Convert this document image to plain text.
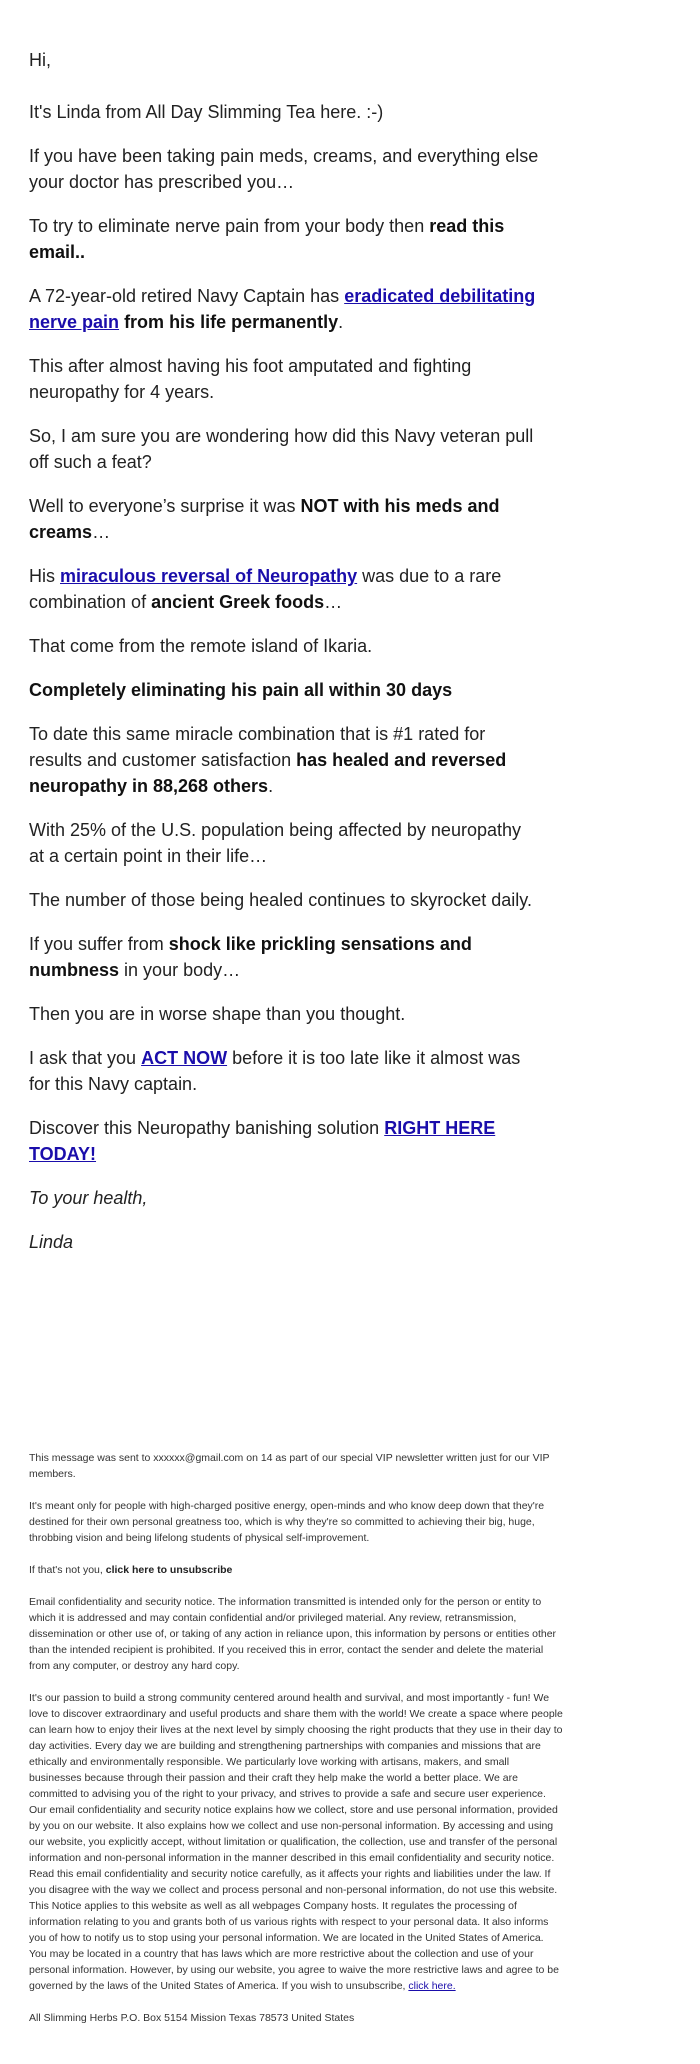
Hi,
It's Linda from All Day Slimming Tea here. :-)
If you have been taking pain meds, creams, and everything else
your doctor has prescribed you…
To try to eliminate nerve pain from your body then read this
email..
A 72-year-old retired Navy Captain has eradicated debilitating
nerve pain from his life permanently.
This after almost having his foot amputated and fighting
neuropathy for 4 years.
So, I am sure you are wondering how did this Navy veteran pull
off such a feat?
Well to everyone’s surprise it was NOT with his meds and
creams…
His miraculous reversal of Neuropathy was due to a rare
combination of ancient Greek foods…
That come from the remote island of Ikaria.
Completely eliminating his pain all within 30 days
To date this same miracle combination that is #1 rated for
results and customer satisfaction has healed and reversed
neuropathy in 88,268 others.
With 25% of the U.S. population being affected by neuropathy
at a certain point in their life…
The number of those being healed continues to skyrocket daily.
If you suffer from shock like prickling sensations and
numbness in your body…
Then you are in worse shape than you thought.
I ask that you ACT NOW before it is too late like it almost was
for this Navy captain.
Discover this Neuropathy banishing solution RIGHT HERE
TODAY!
To your health,
Linda
This message was sent to xxxxxx@gmail.com on 14 as part of our special VIP newsletter written just for our VIP
members.
It's meant only for people with high-charged positive energy, open-minds and who know deep down that they're
destined for their own personal greatness too, which is why they're so committed to achieving their big, huge,
throbbing vision and being lifelong students of physical self-improvement.
If that's not you, click here to unsubscribe
Email confidentiality and security notice. The information transmitted is intended only for the person or entity to
which it is addressed and may contain confidential and/or privileged material. Any review, retransmission,
dissemination or other use of, or taking of any action in reliance upon, this information by persons or entities other
than the intended recipient is prohibited. If you received this in error, contact the sender and delete the material
from any computer, or destroy any hard copy.
It's our passion to build a strong community centered around health and survival, and most importantly - fun! We
love to discover extraordinary and useful products and share them with the world! We create a space where people
can learn how to enjoy their lives at the next level by simply choosing the right products that they use in their day to
day activities. Every day we are building and strengthening partnerships with companies and missions that are
ethically and environmentally responsible. We particularly love working with artisans, makers, and small
businesses because through their passion and their craft they help make the world a better place. We are
committed to advising you of the right to your privacy, and strives to provide a safe and secure user experience.
Our email confidentiality and security notice explains how we collect, store and use personal information, provided
by you on our website. It also explains how we collect and use non-personal information. By accessing and using
our website, you explicitly accept, without limitation or qualification, the collection, use and transfer of the personal
information and non-personal information in the manner described in this email confidentiality and security notice.
Read this email confidentiality and security notice carefully, as it affects your rights and liabilities under the law. If
you disagree with the way we collect and process personal and non-personal information, do not use this website.
This Notice applies to this website as well as all webpages Company hosts. It regulates the processing of
information relating to you and grants both of us various rights with respect to your personal data. It also informs
you of how to notify us to stop using your personal information. We are located in the United States of America.
You may be located in a country that has laws which are more restrictive about the collection and use of your
personal information. However, by using our website, you agree to waive the more restrictive laws and agree to be
governed by the laws of the United States of America. If you wish to unsubscribe, click here.
All Slimming Herbs P.O. Box 5154 Mission Texas 78573 United States
